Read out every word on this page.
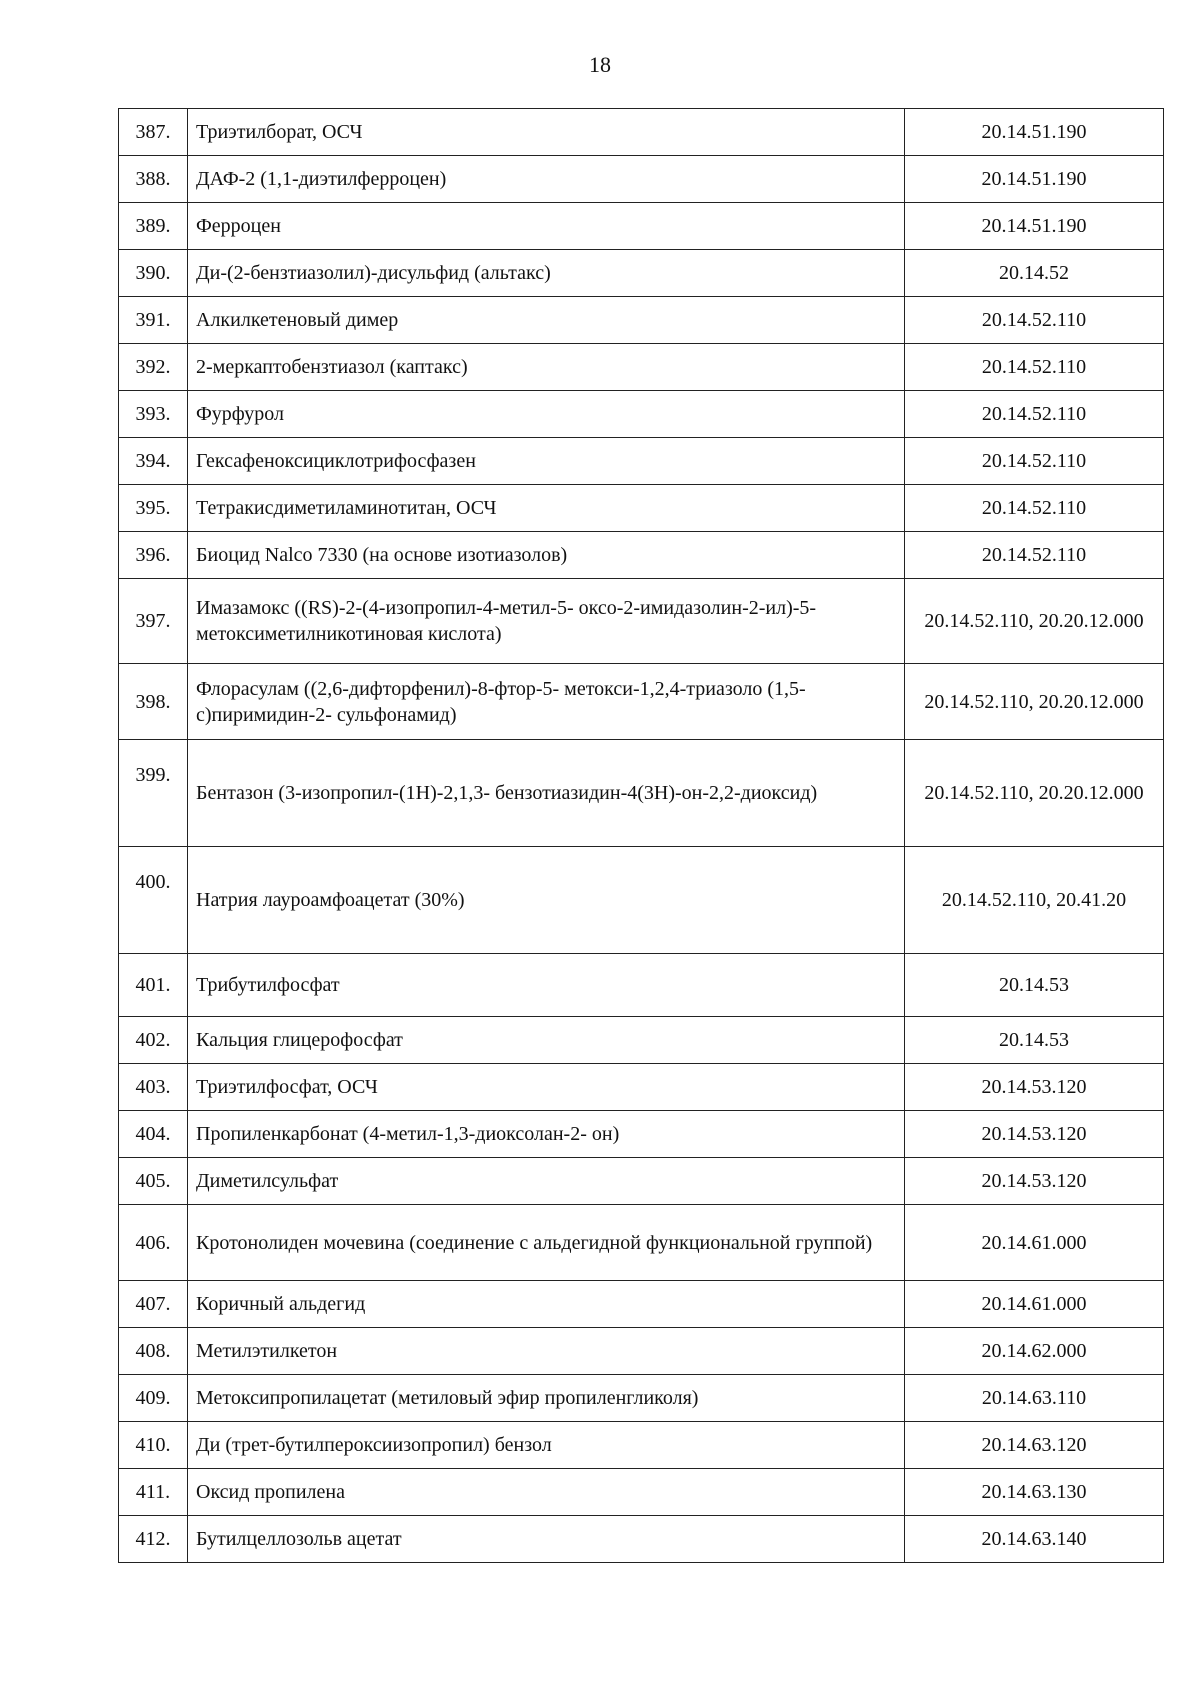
18
387.	Триэтилборат, ОСЧ	20.14.51.190
388.	ДАФ-2 (1,1-диэтилферроцен)	20.14.51.190
389.	Ферроцен	20.14.51.190
390.	Ди-(2-бензтиазолил)-дисульфид (альтакс)	20.14.52
391.	Алкилкетеновый димер	20.14.52.110
392.	2-меркаптобензтиазол (каптакс)	20.14.52.110
393.	Фурфурол	20.14.52.110
394.	Гексафеноксициклотрифосфазен	20.14.52.110
395.	Тетракисдиметиламинотитан, ОСЧ	20.14.52.110
396.	Биоцид Nalco 7330 (на основе изотиазолов)	20.14.52.110
397.	Имазамокс ((RS)-2-(4-изопропил-4-метил-5- оксо-2-имидазолин-2-ил)-5-метоксиметилникотиновая кислота)	20.14.52.110, 20.20.12.000
398.	Флорасулам ((2,6-дифторфенил)-8-фтор-5- метокси-1,2,4-триазоло (1,5-с)пиримидин-2- сульфонамид)	20.14.52.110, 20.20.12.000
399.	Бентазон (3-изопропил-(1Н)-2,1,3- бензотиазидин-4(3Н)-он-2,2-диоксид)	20.14.52.110, 20.20.12.000
400.	Натрия лауроамфоацетат (30%)	20.14.52.110, 20.41.20
401.	Трибутилфосфат	20.14.53
402.	Кальция глицерофосфат	20.14.53
403.	Триэтилфосфат, ОСЧ	20.14.53.120
404.	Пропиленкарбонат (4-метил-1,3-диоксолан-2- он)	20.14.53.120
405.	Диметилсульфат	20.14.53.120
406.	Кротонолиден мочевина (соединение с альдегидной функциональной группой)	20.14.61.000
407.	Коричный альдегид	20.14.61.000
408.	Метилэтилкетон	20.14.62.000
409.	Метоксипропилацетат (метиловый эфир пропиленгликоля)	20.14.63.110
410.	Ди (трет-бутилпероксиизопропил) бензол	20.14.63.120
411.	Оксид пропилена	20.14.63.130
412.	Бутилцеллозольв ацетат	20.14.63.140
